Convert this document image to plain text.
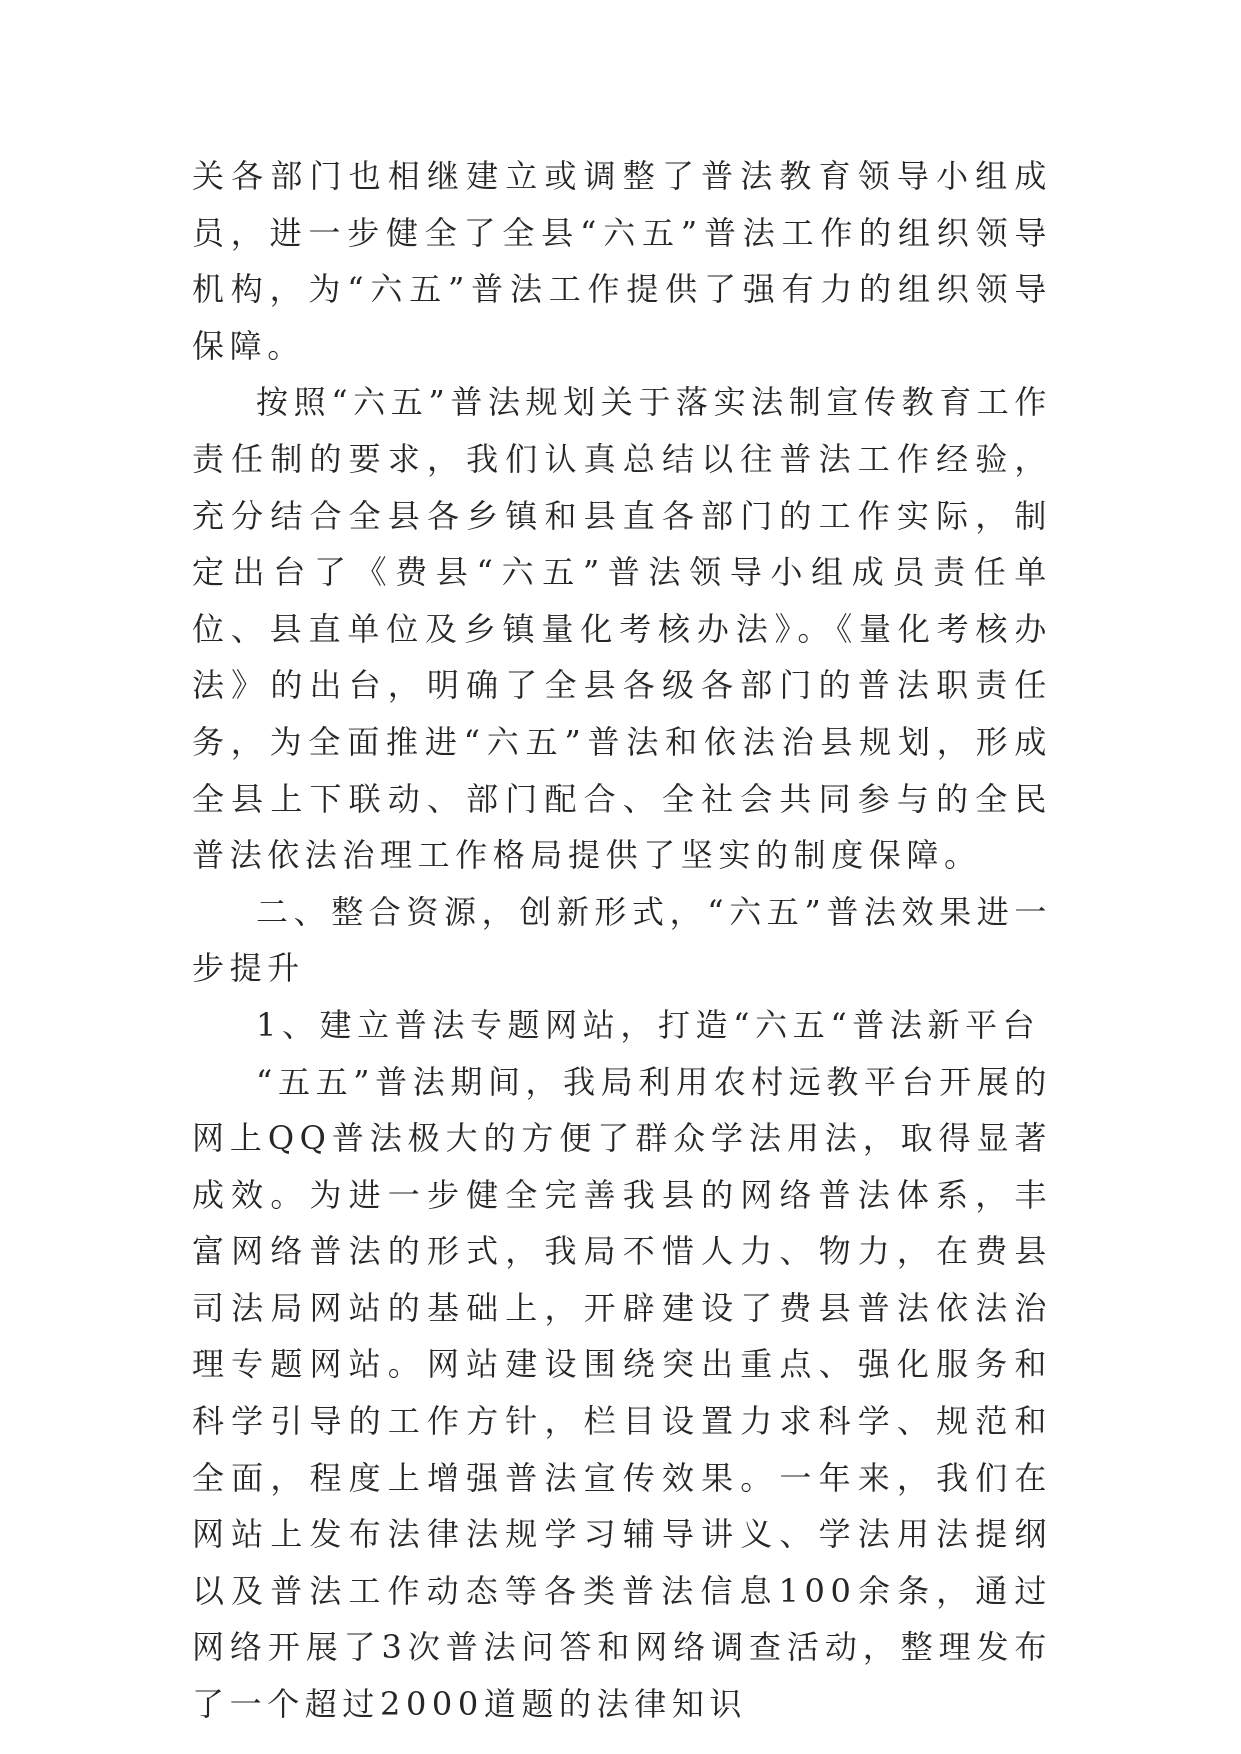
关各部门也相继建立或调整了普法教育领导小组成员，进一步健全了全县“六五”普法工作的组织领导机构，为“六五”普法工作提供了强有力的组织领导保障。

按照“六五”普法规划关于落实法制宣传教育工作责任制的要求，我们认真总结以往普法工作经验，充分结合全县各乡镇和县直各部门的工作实际，制定出台了《费县“六五”普法领导小组成员责任单位、县直单位及乡镇量化考核办法》。《量化考核办法》的出台，明确了全县各级各部门的普法职责任务，为全面推进“六五”普法和依法治县规划，形成全县上下联动、部门配合、全社会共同参与的全民普法依法治理工作格局提供了坚实的制度保障。

二、整合资源，创新形式，“六五”普法效果进一步提升

1、建立普法专题网站，打造“六五“普法新平台

“五五”普法期间，我局利用农村远教平台开展的网上QQ普法极大的方便了群众学法用法，取得显著成效。为进一步健全完善我县的网络普法体系，丰富网络普法的形式，我局不惜人力、物力，在费县司法局网站的基础上，开辟建设了费县普法依法治理专题网站。网站建设围绕突出重点、强化服务和科学引导的工作方针，栏目设置力求科学、规范和全面，程度上增强普法宣传效果。一年来，我们在网站上发布法律法规学习辅导讲义、学法用法提纲以及普法工作动态等各类普法信息100余条，通过网络开展了3次普法问答和网络调查活动，整理发布了一个超过2000道题的法律知识
